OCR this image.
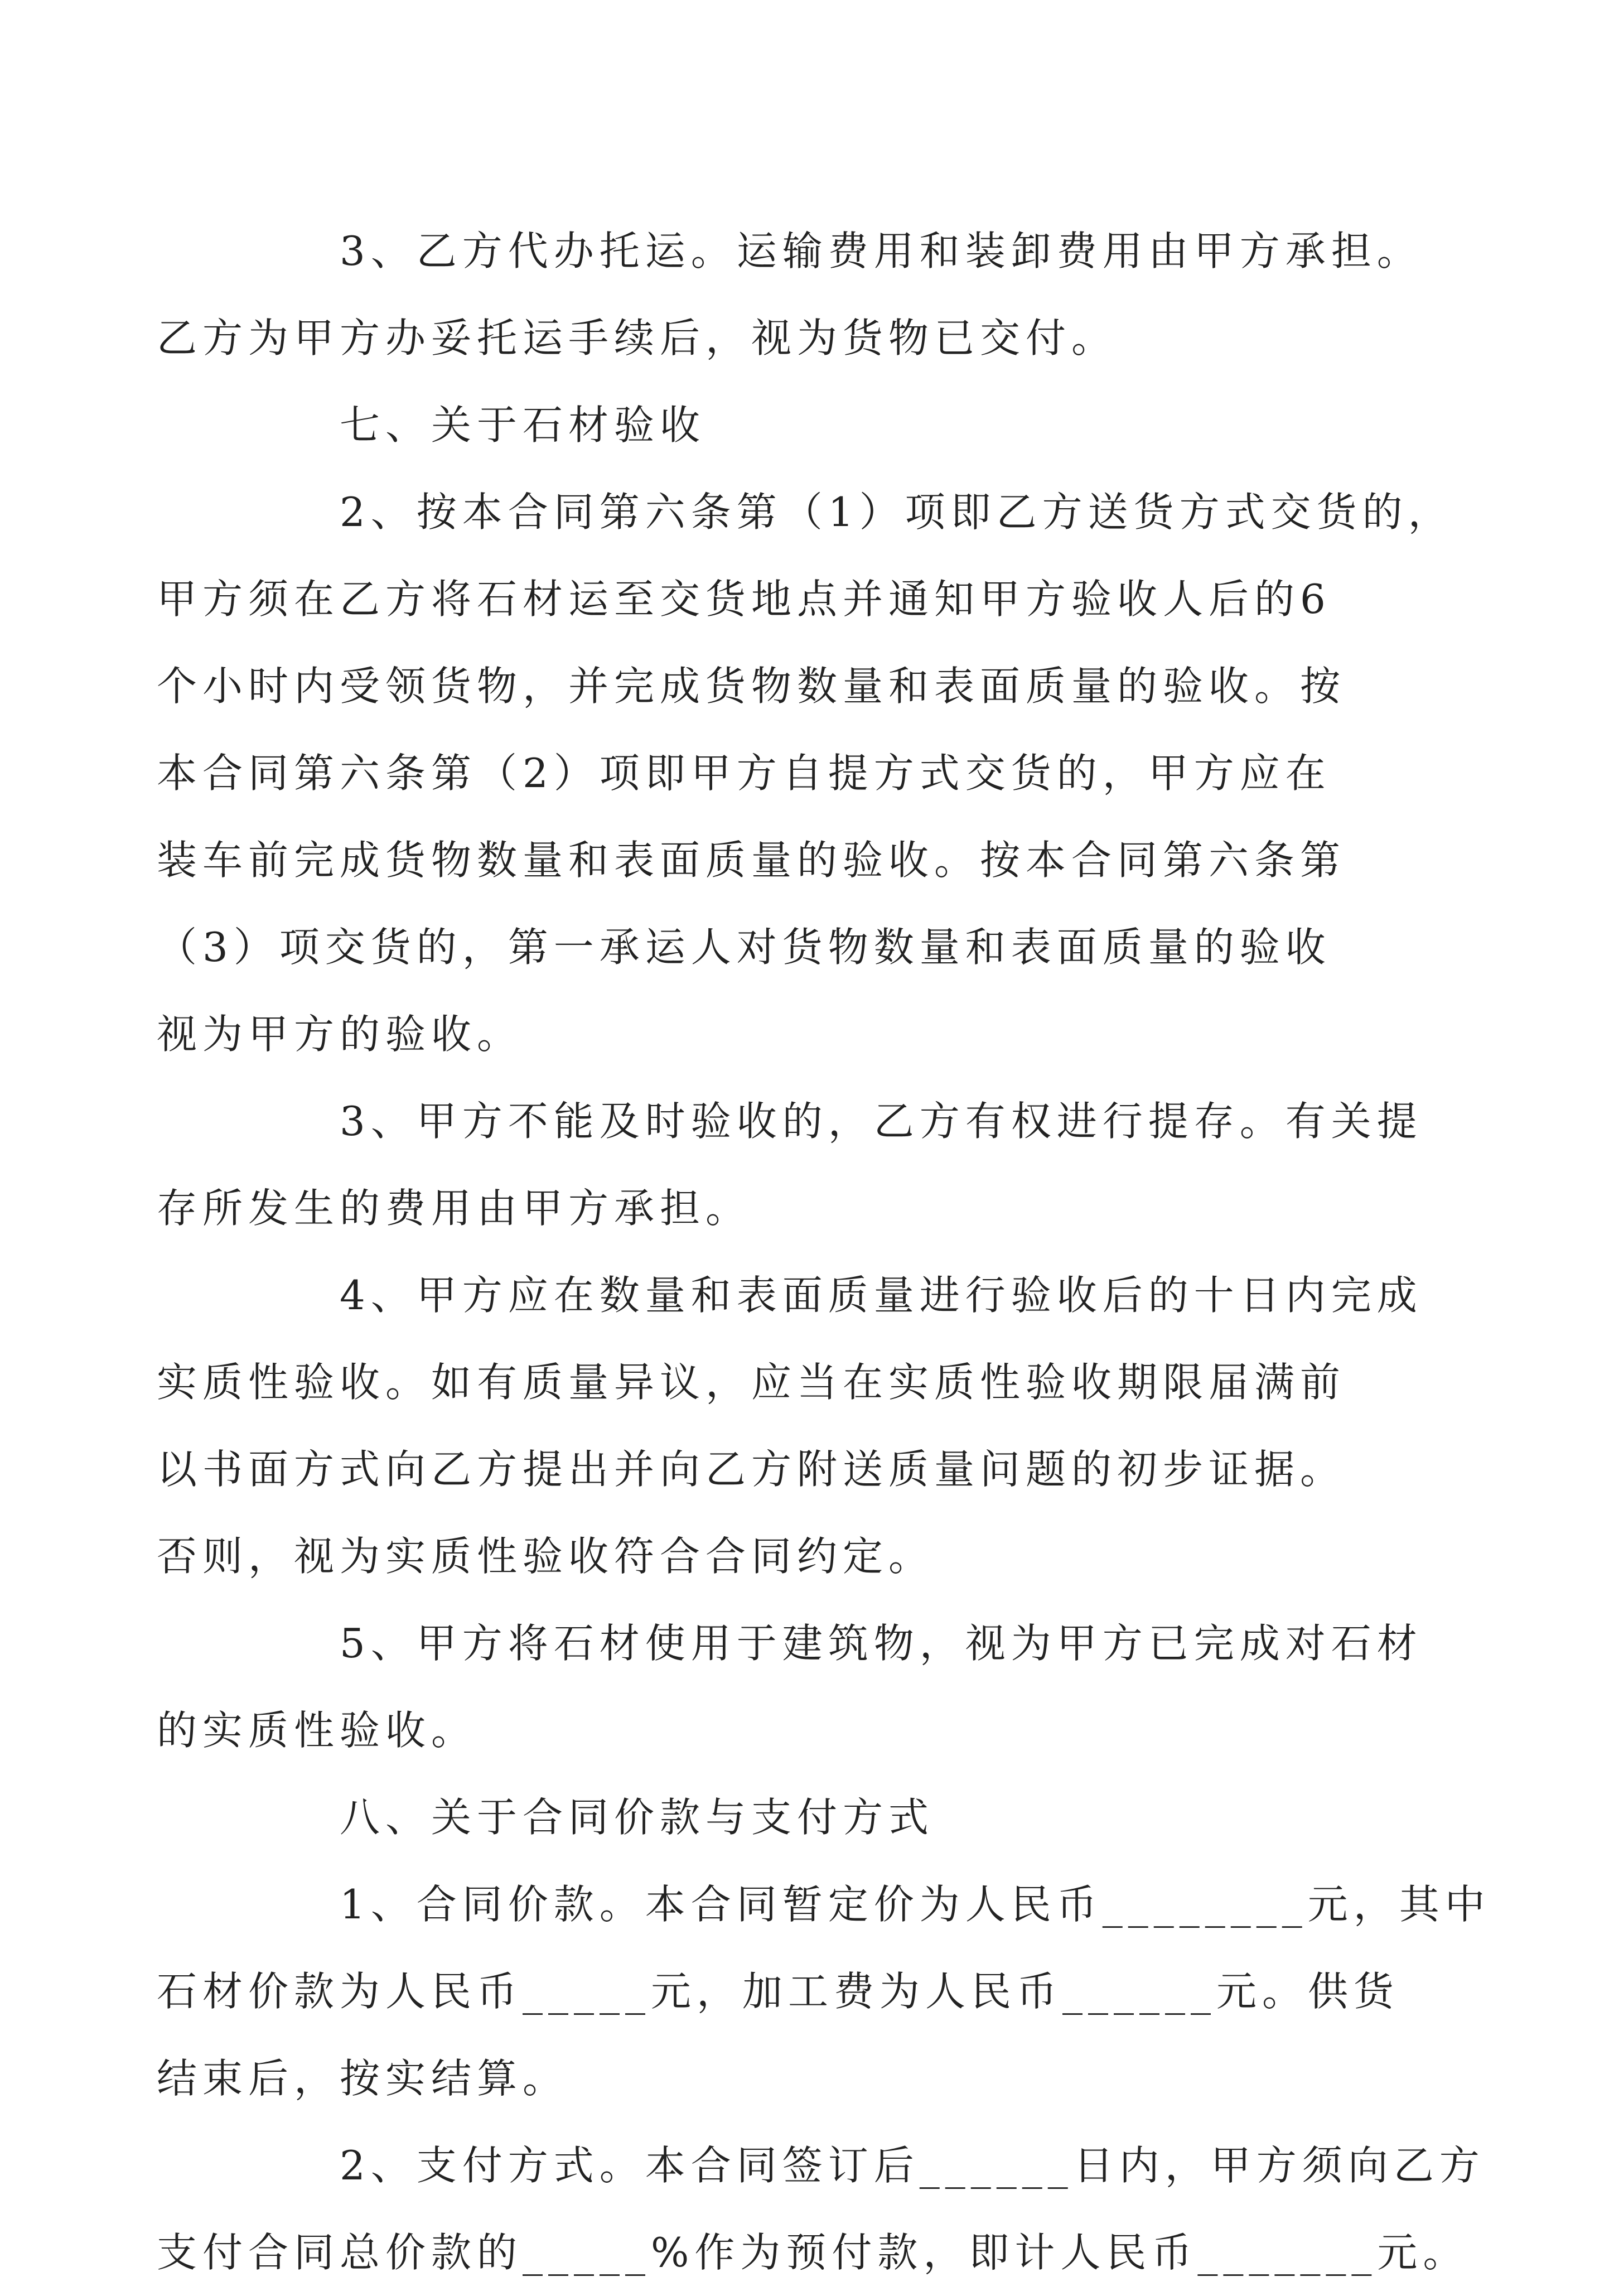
3、乙方代办托运。运输费用和装卸费用由甲方承担。
乙方为甲方办妥托运手续后，视为货物已交付。

七、关于石材验收

2、按本合同第六条第（1）项即乙方送货方式交货的，
甲方须在乙方将石材运至交货地点并通知甲方验收人后的6
个小时内受领货物，并完成货物数量和表面质量的验收。按
本合同第六条第（2）项即甲方自提方式交货的，甲方应在
装车前完成货物数量和表面质量的验收。按本合同第六条第
（3）项交货的，第一承运人对货物数量和表面质量的验收
视为甲方的验收。

3、甲方不能及时验收的，乙方有权进行提存。有关提
存所发生的费用由甲方承担。

4、甲方应在数量和表面质量进行验收后的十日内完成
实质性验收。如有质量异议，应当在实质性验收期限届满前
以书面方式向乙方提出并向乙方附送质量问题的初步证据。
否则，视为实质性验收符合合同约定。

5、甲方将石材使用于建筑物，视为甲方已完成对石材
的实质性验收。

八、关于合同价款与支付方式

1、合同价款。本合同暂定价为人民币________元，其中
石材价款为人民币_____元，加工费为人民币______元。供货
结束后，按实结算。

2、支付方式。本合同签订后______日内，甲方须向乙方
支付合同总价款的_____%作为预付款，即计人民币_______元。
